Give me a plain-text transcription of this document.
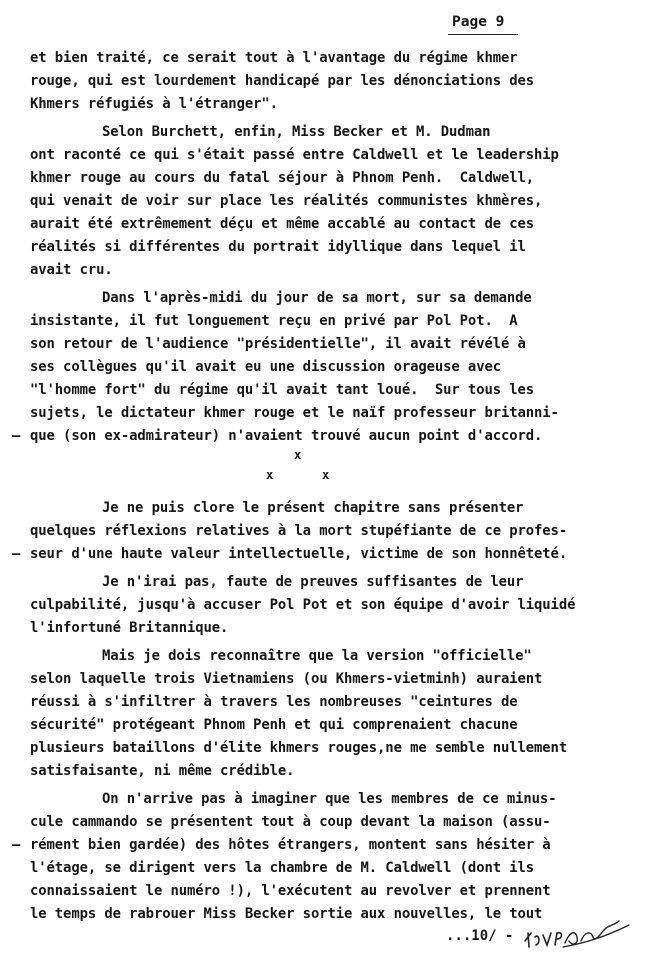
Page 9
et bien traité, ce serait tout à l'avantage du régime khmer
rouge, qui est lourdement handicapé par les dénonciations des
Khmers réfugiés à l'étranger".
Selon Burchett, enfin, Miss Becker et M. Dudman
ont raconté ce qui s'était passé entre Caldwell et le leadership
khmer rouge au cours du fatal séjour à Phnom Penh.  Caldwell,
qui venait de voir sur place les réalités communistes khmères,
aurait été extrêmement déçu et même accablé au contact de ces
réalités si différentes du portrait idyllique dans lequel il
avait cru.
Dans l'après-midi du jour de sa mort, sur sa demande
insistante, il fut longuement reçu en privé par Pol Pot.  A
son retour de l'audience "présidentielle", il avait révélé à
ses collègues qu'il avait eu une discussion orageuse avec
"l'homme fort" du régime qu'il avait tant loué.  Sur tous les
sujets, le dictateur khmer rouge et le naïf professeur britanni-
– que (son ex-admirateur) n'avaient trouvé aucun point d'accord.
x
x	x
Je ne puis clore le présent chapitre sans présenter
quelques réflexions relatives à la mort stupéfiante de ce profes-
– seur d'une haute valeur intellectuelle, victime de son honnêteté.
Je n'irai pas, faute de preuves suffisantes de leur
culpabilité, jusqu'à accuser Pol Pot et son équipe d'avoir liquidé
l'infortuné Britannique.
Mais je dois reconnaître que la version "officielle"
selon laquelle trois Vietnamiens (ou Khmers-vietminh) auraient
réussi à s'infiltrer à travers les nombreuses "ceintures de
sécurité" protégeant Phnom Penh et qui comprenaient chacune
plusieurs bataillons d'élite khmers rouges,ne me semble nullement
satisfaisante, ni même crédible.
On n'arrive pas à imaginer que les membres de ce minus-
cule cammando se présentent tout à coup devant la maison (assu-
– rément bien gardée) des hôtes étrangers, montent sans hésiter à
l'étage, se dirigent vers la chambre de M. Caldwell (dont ils
connaissaient le numéro !), l'exécutent au revolver et prennent
le temps de rabrouer Miss Becker sortie aux nouvelles, le tout
...10/ -
